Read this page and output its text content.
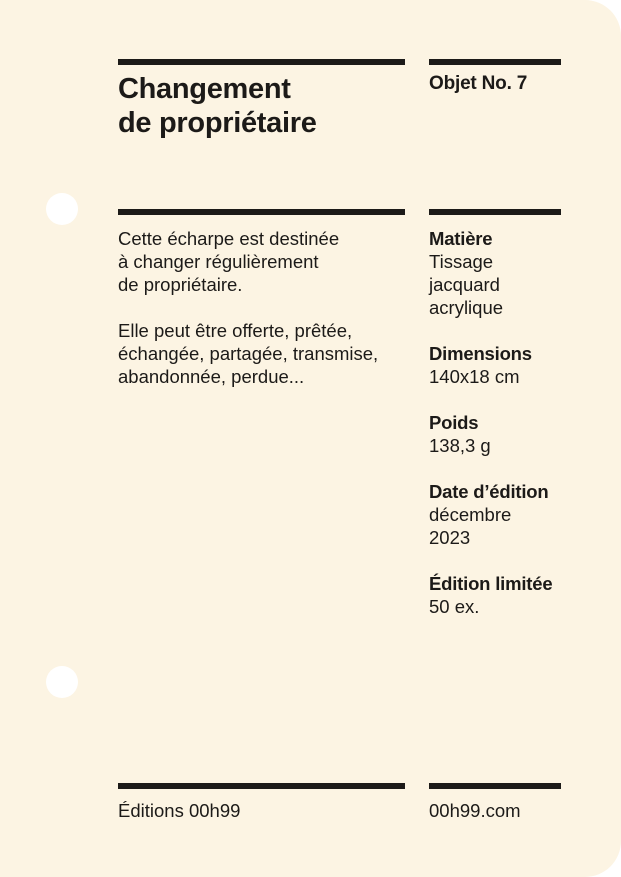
Changement
de propriétaire
Objet No. 7

Cette écharpe est destinée
à changer régulièrement
de propriétaire.

Elle peut être offerte, prêtée,
échangée, partagée, transmise,
abandonnée, perdue...

Matière
Tissage
jacquard
acrylique
Dimensions
140x18 cm
Poids
138,3 g
Date d’édition
décembre
2023
Édition limitée
50 ex.
Éditions 00h99	00h99.com
